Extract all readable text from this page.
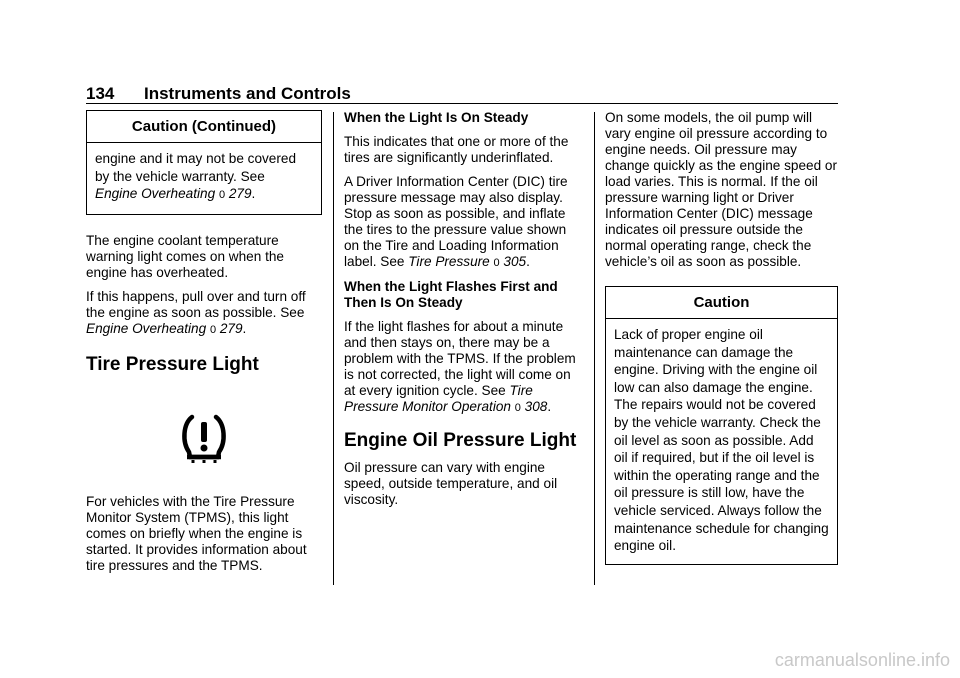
134 Instruments and Controls
Caution (Continued)

engine and it may not be covered

by the vehicle warranty. See

Engine Overheating 0 279.

The engine coolant temperature warning light comes on when the engine has overheated.

If this happens, pull over and turn off the engine as soon as possible. See Engine Overheating 0 279.

Tire Pressure Light

For vehicles with the Tire Pressure Monitor System (TPMS), this light comes on briefly when the engine is started. It provides information about tire pressures and the TPMS.

When the Light Is On Steady

This indicates that one or more of the tires are significantly underinflated.

A Driver Information Center (DIC) tire pressure message may also display. Stop as soon as possible, and inflate the tires to the pressure value shown on the Tire and Loading Information label. See Tire Pressure 0 305.

When the Light Flashes First and Then Is On Steady

If the light flashes for about a minute and then stays on, there may be a problem with the TPMS. If the problem is not corrected, the light will come on at every ignition cycle. See Tire Pressure Monitor Operation 0 308.

Engine Oil Pressure Light

Oil pressure can vary with engine speed, outside temperature, and oil viscosity.

On some models, the oil pump will vary engine oil pressure according to engine needs. Oil pressure may change quickly as the engine speed or load varies. This is normal. If the oil pressure warning light or Driver Information Center (DIC) message indicates oil pressure outside the normal operating range, check the vehicle’s oil as soon as possible.

Caution
Lack of proper engine oil maintenance can damage the engine. Driving with the engine oil low can also damage the engine. The repairs would not be covered by the vehicle warranty. Check the oil level as soon as possible. Add oil if required, but if the oil level is within the operating range and the oil pressure is still low, have the vehicle serviced. Always follow the maintenance schedule for changing engine oil.
carmanualsonline.info
